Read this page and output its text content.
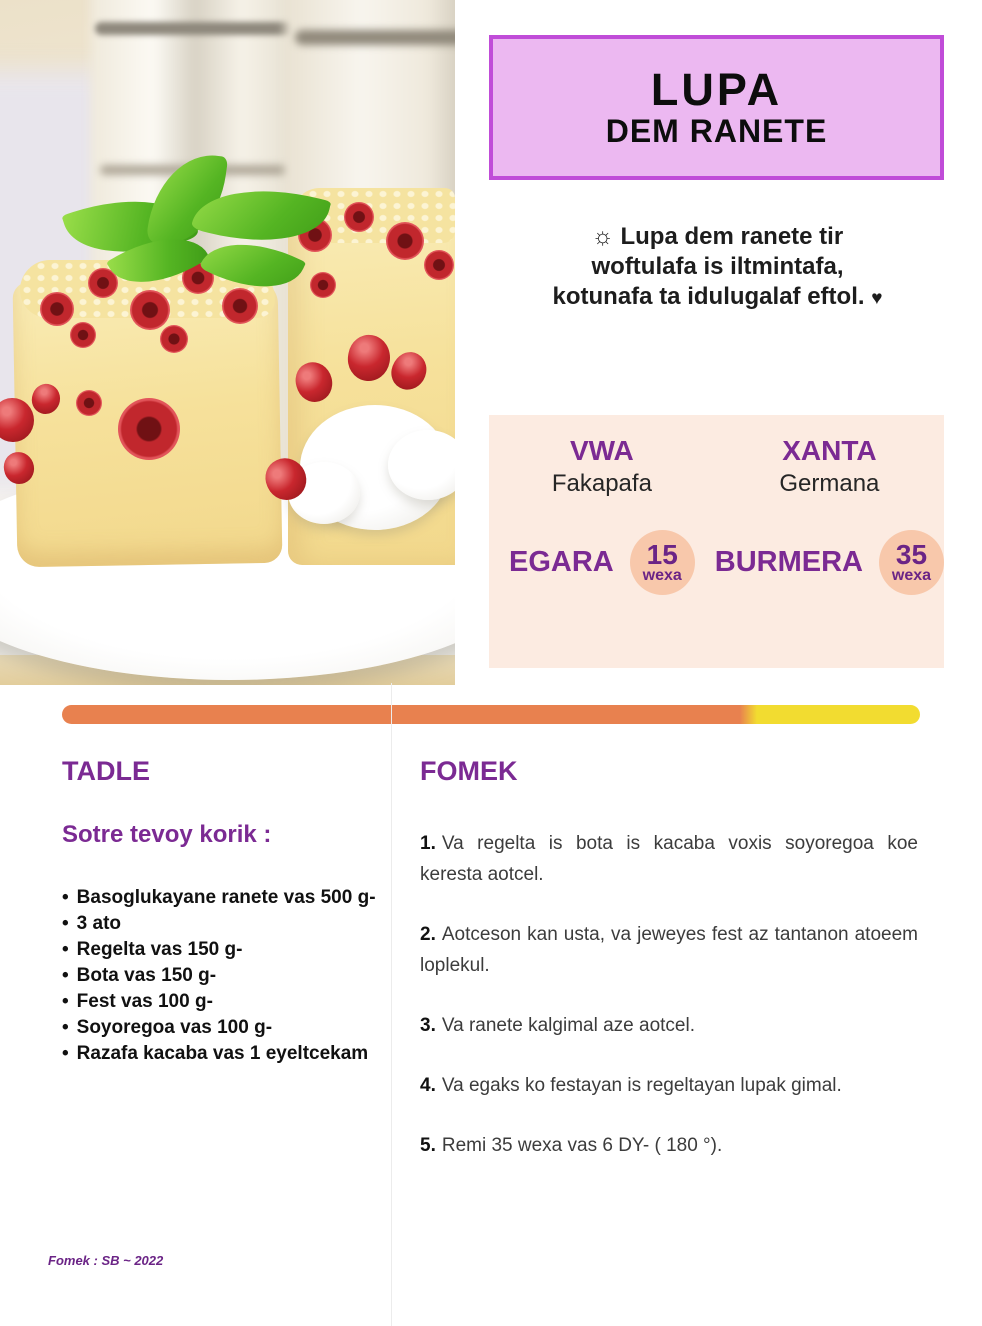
LUPA
DEM RANETE
☼ Lupa dem ranete tir
woftulafa is iltmintafa,
kotunafa ta idulugalaf eftol. ♥
VWA
Fakapafa
EGARA 15
wexa
XANTA
Germana
BURMERA 35
wexa
TADLE
Sotre tevoy korik :
• Basoglukayane ranete vas 500 g-
• 3 ato
• Regelta vas 150 g-
• Bota vas 150 g-
• Fest vas 100 g-
• Soyoregoa vas 100 g-
• Razafa kacaba vas 1 eyeltcekam
FOMEK

1. Va regelta is bota is kacaba voxis soyoregoa koe keresta aotcel.

2. Aotceson kan usta, va jeweyes fest az tantanon atoeem loplekul.

3. Va ranete kalgimal aze aotcel.

4. Va egaks ko festayan is regeltayan lupak gimal.

5. Remi 35 wexa vas 6 DY- ( 180 °).

Fomek : SB ~ 2022
